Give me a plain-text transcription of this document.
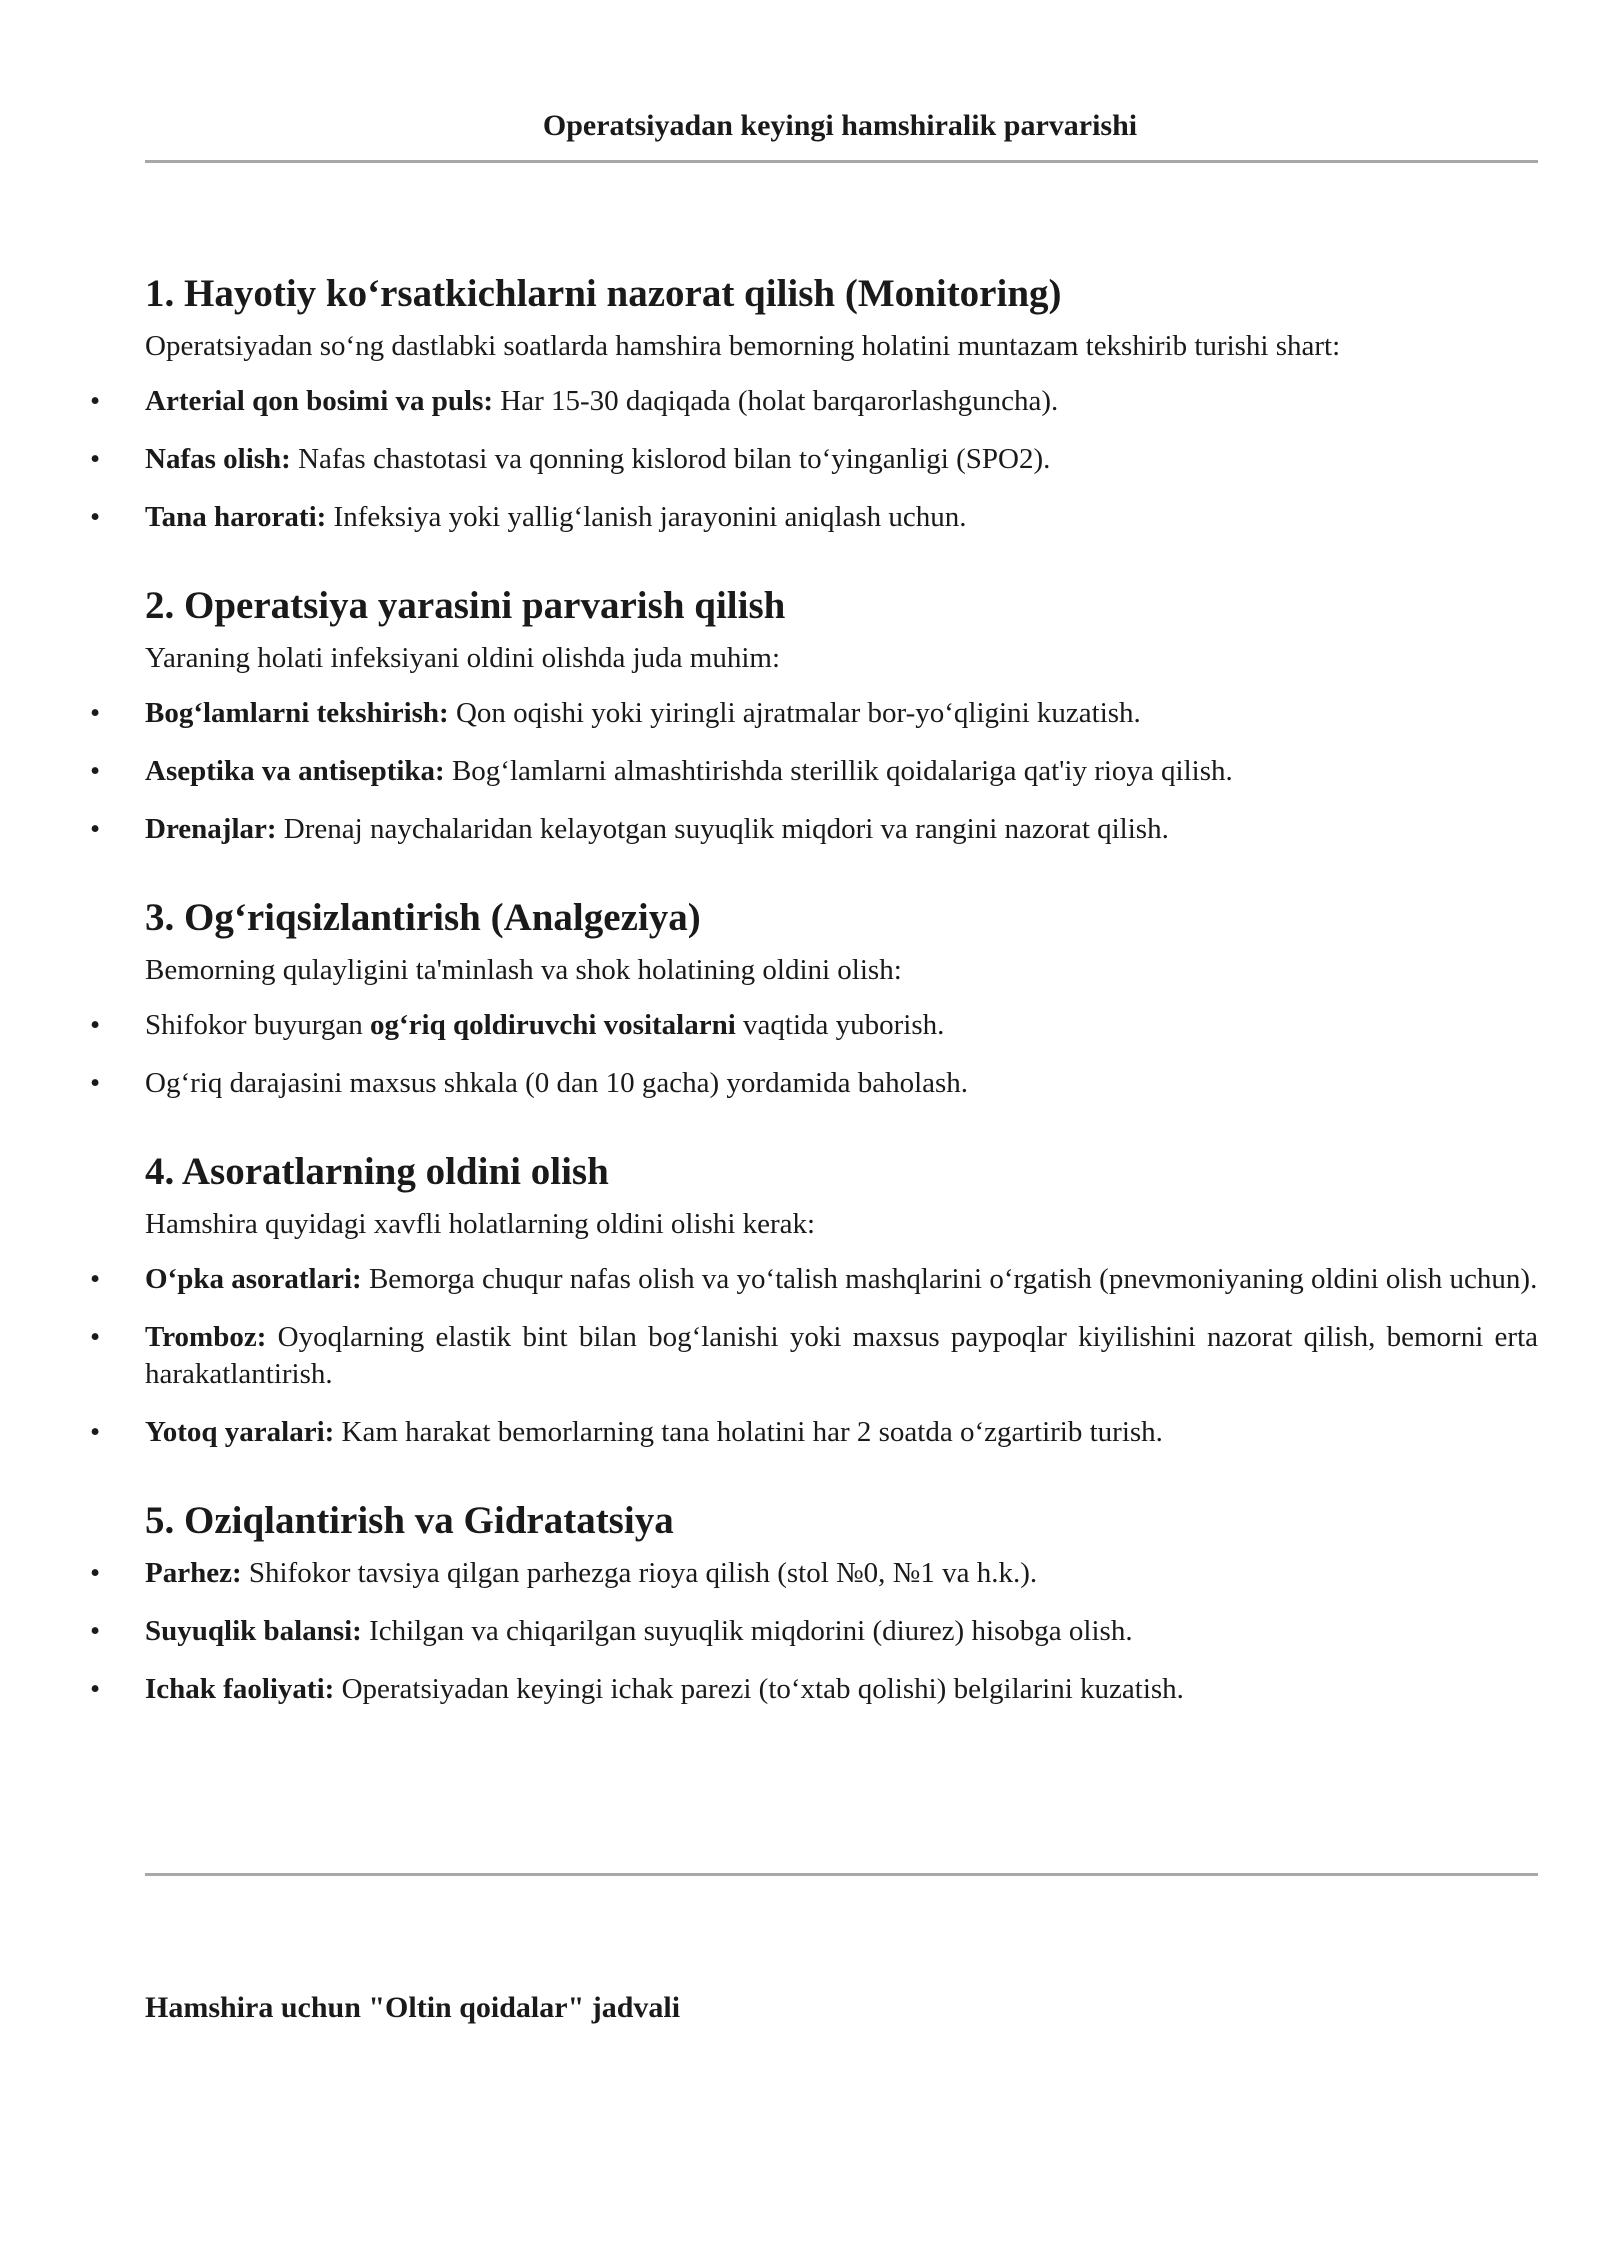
Operatsiyadan keyingi hamshiralik parvarishi
1. Hayotiy ko‘rsatkichlarni nazorat qilish (Monitoring)

Operatsiyadan so‘ng dastlabki soatlarda hamshira bemorning holatini muntazam tekshirib turishi shart:

• Arterial qon bosimi va puls: Har 15-30 daqiqada (holat barqarorlashguncha).
• Nafas olish: Nafas chastotasi va qonning kislorod bilan to‘yinganligi (SPO2).
• Tana harorati: Infeksiya yoki yallig‘lanish jarayonini aniqlash uchun.
2. Operatsiya yarasini parvarish qilish

Yaraning holati infeksiyani oldini olishda juda muhim:

• Bog‘lamlarni tekshirish: Qon oqishi yoki yiringli ajratmalar bor-yo‘qligini kuzatish.
• Aseptika va antiseptika: Bog‘lamlarni almashtirishda sterillik qoidalariga qat'iy rioya qilish.
• Drenajlar: Drenaj naychalaridan kelayotgan suyuqlik miqdori va rangini nazorat qilish.
3. Og‘riqsizlantirish (Analgeziya)

Bemorning qulayligini ta'minlash va shok holatining oldini olish:

• Shifokor buyurgan og‘riq qoldiruvchi vositalarni vaqtida yuborish.
• Og‘riq darajasini maxsus shkala (0 dan 10 gacha) yordamida baholash.
4. Asoratlarning oldini olish

Hamshira quyidagi xavfli holatlarning oldini olishi kerak:

• O‘pka asoratlari: Bemorga chuqur nafas olish va yo‘talish mashqlarini o‘rgatish (pnevmoniyaning oldini olish uchun).
• Tromboz: Oyoqlarning elastik bint bilan bog‘lanishi yoki maxsus paypoqlar kiyilishini nazorat qilish, bemorni erta harakatlantirish.
• Yotoq yaralari: Kam harakat bemorlarning tana holatini har 2 soatda o‘zgartirib turish.
5. Oziqlantirish va Gidratatsiya
• Parhez: Shifokor tavsiya qilgan parhezga rioya qilish (stol №0, №1 va h.k.).
• Suyuqlik balansi: Ichilgan va chiqarilgan suyuqlik miqdorini (diurez) hisobga olish.
• Ichak faoliyati: Operatsiyadan keyingi ichak parezi (to‘xtab qolishi) belgilarini kuzatish.
Hamshira uchun "Oltin qoidalar" jadvali
